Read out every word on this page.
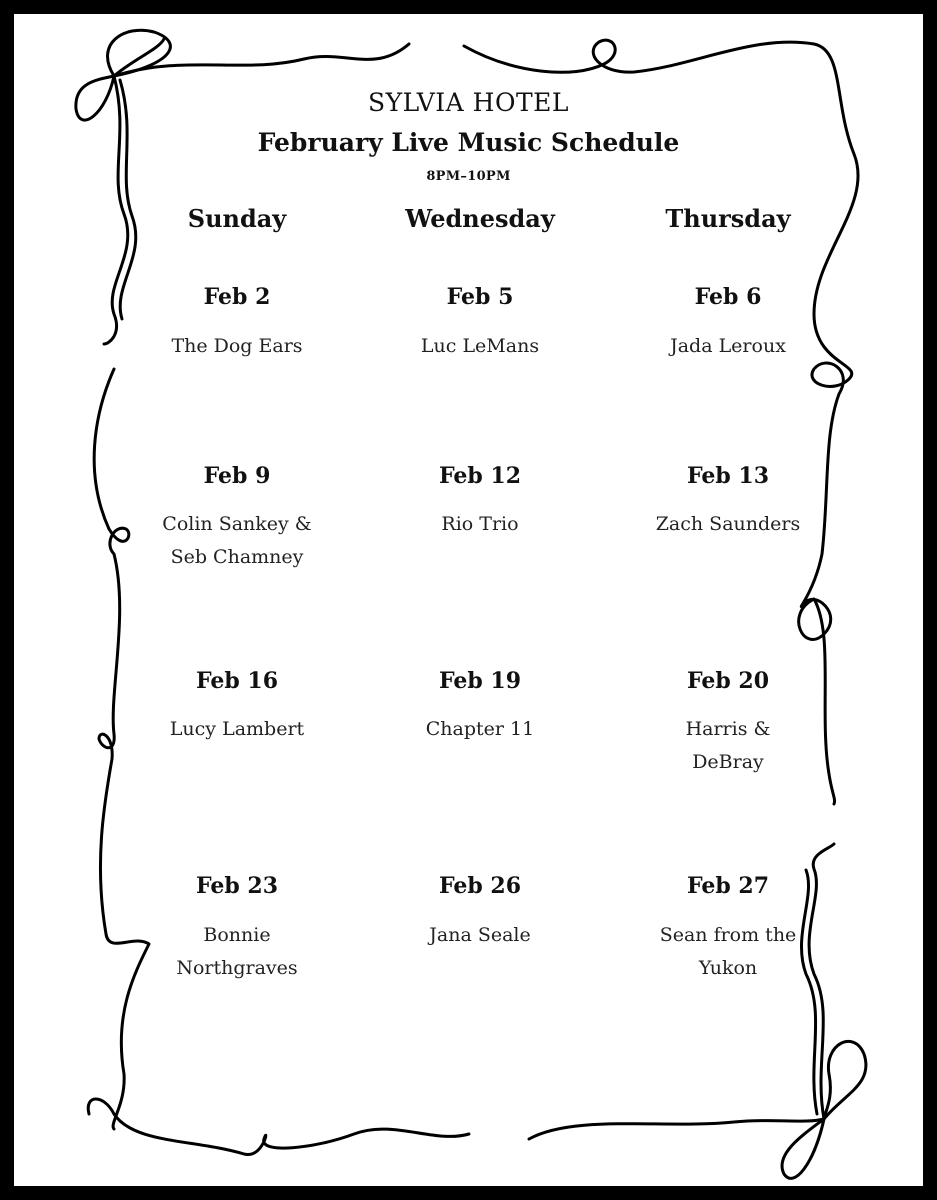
SYLVIA HOTEL
February Live Music Schedule
8PM–10PM
Sunday	Wednesday	Thursday
Feb 2
The Dog Ears
Feb 5
Luc LeMans
Feb 6
Jada Leroux
Feb 9
Colin Sankey &
Seb Chamney
Feb 12
Rio Trio
Feb 13
Zach Saunders
Feb 16
Lucy Lambert
Feb 19
Chapter 11
Feb 20
Harris &
DeBray
Feb 23
Bonnie
Northgraves
Feb 26
Jana Seale
Feb 27
Sean from the
Yukon
